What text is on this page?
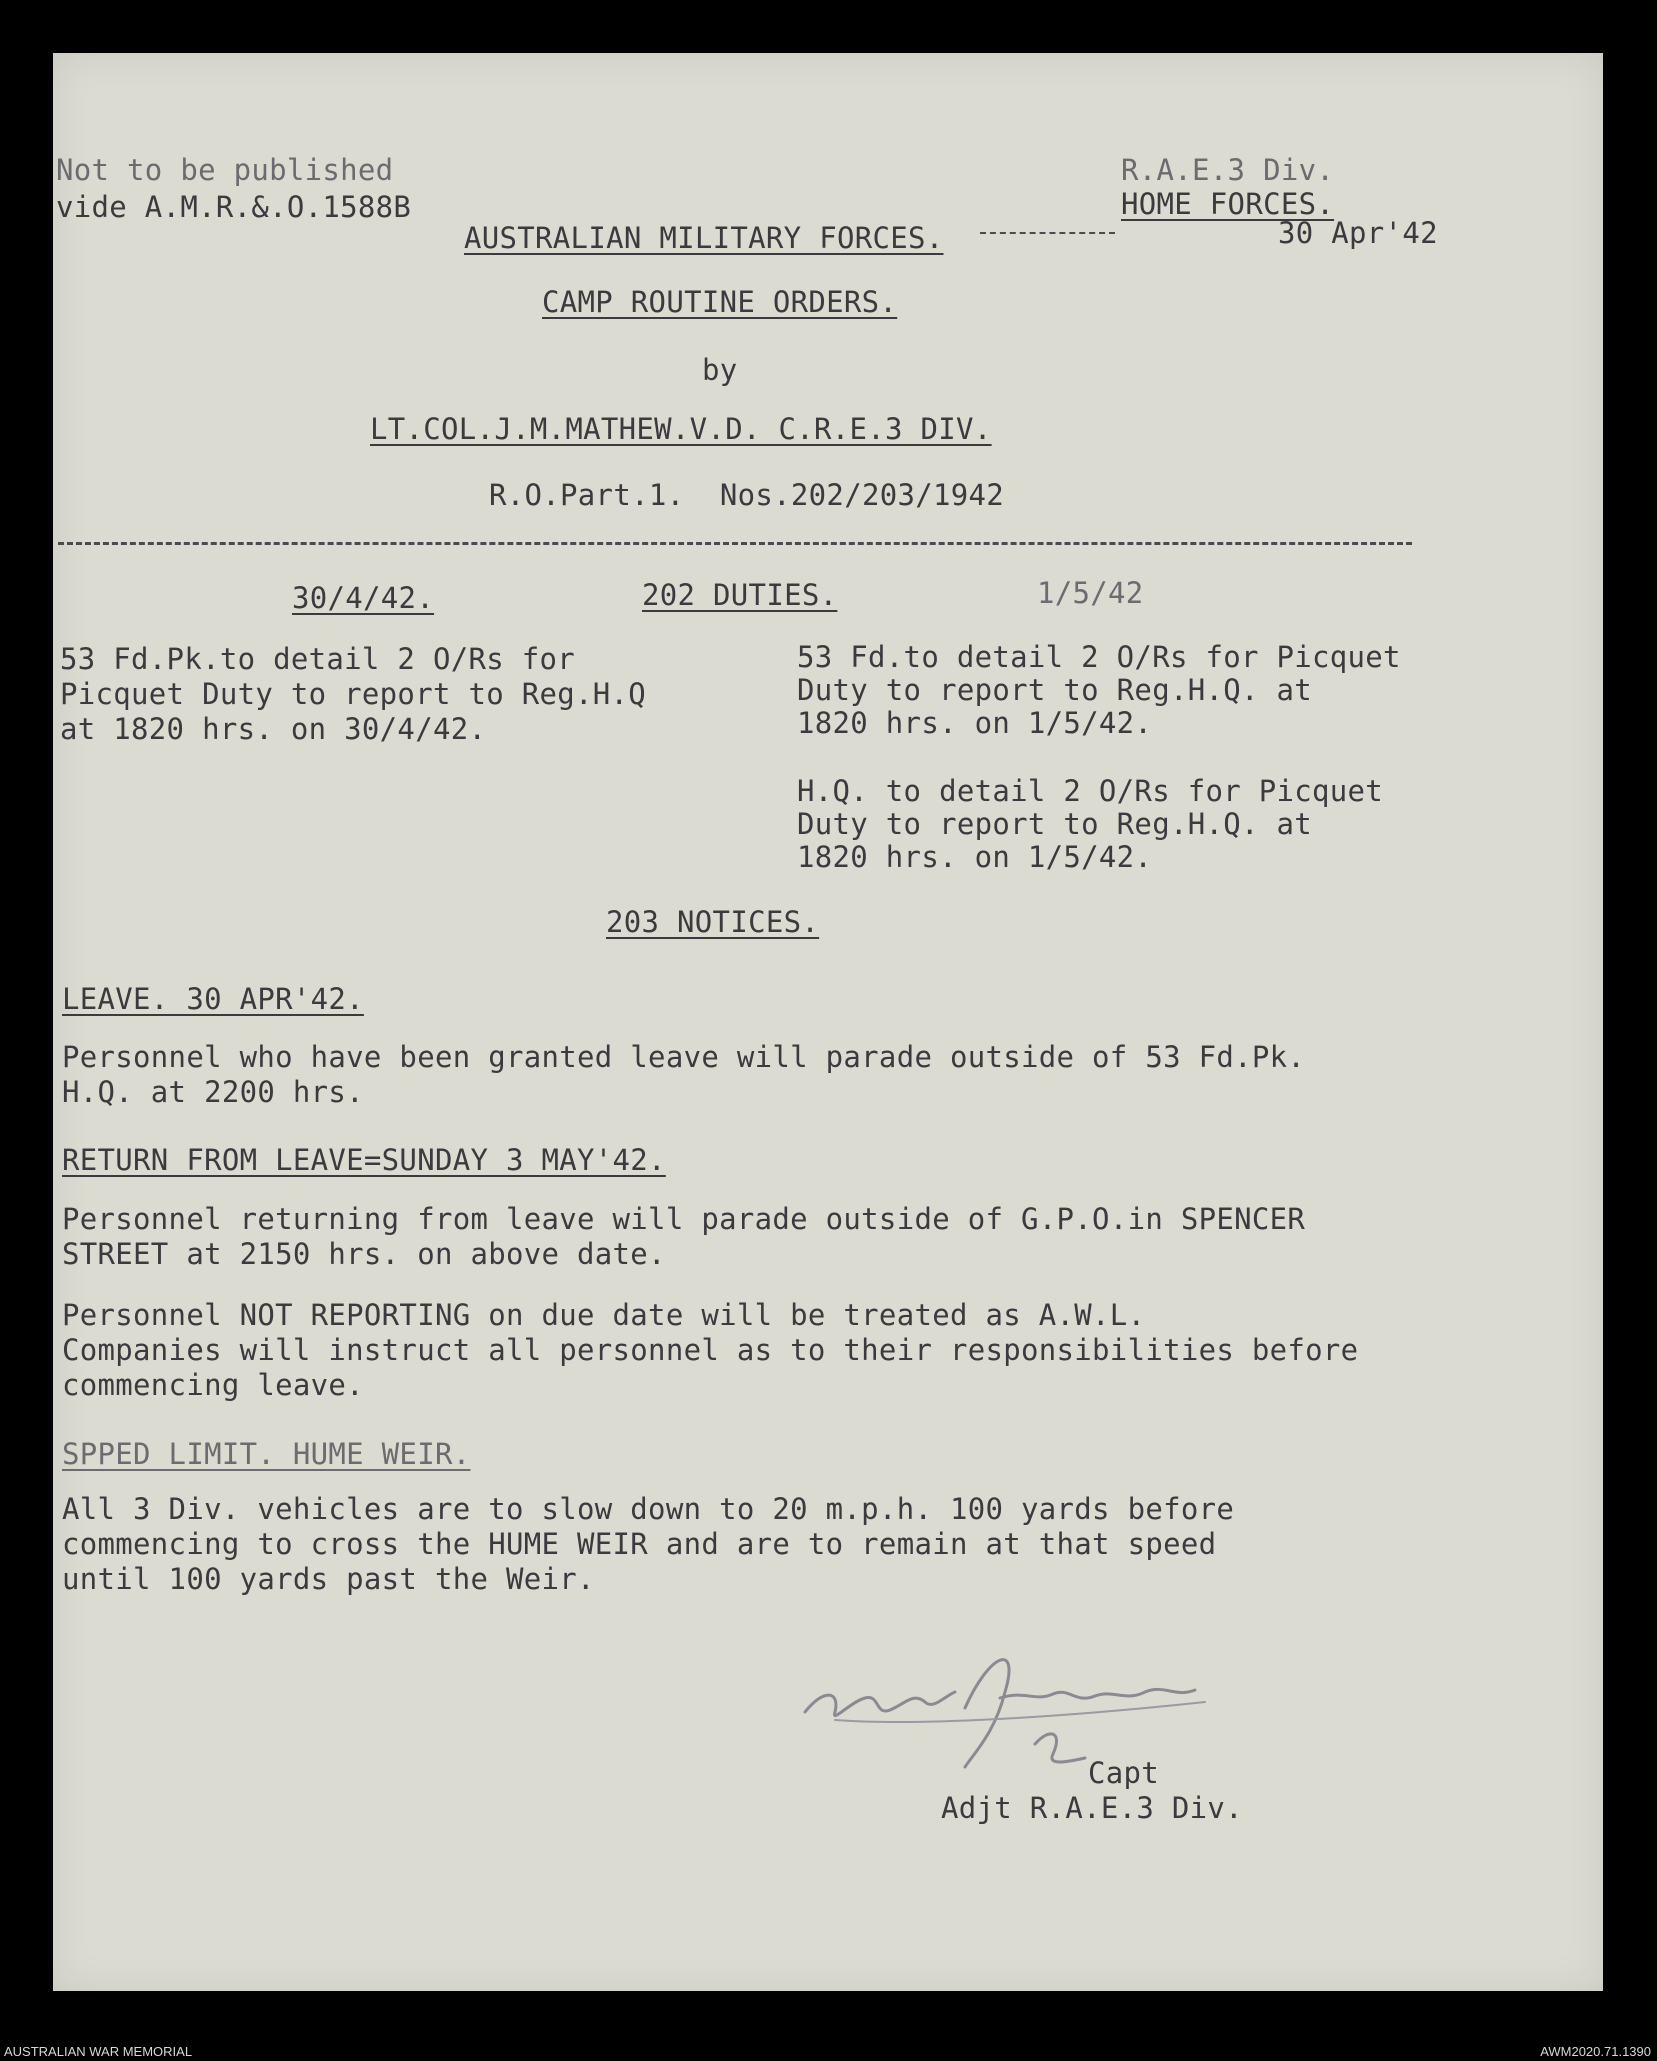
Not to be published
vide A.M.R.&.O.1588B
R.A.E.3 Div.
HOME FORCES.
30 Apr'42
AUSTRALIAN MILITARY FORCES.
CAMP ROUTINE ORDERS.
by
LT.COL.J.M.MATHEW.V.D. C.R.E.3 DIV.
R.O.Part.1.  Nos.202/203/1942
30/4/42.	202 DUTIES.	1/5/42
53 Fd.Pk.to detail 2 O/Rs for
Picquet Duty to report to Reg.H.Q
at 1820 hrs. on 30/4/42.
53 Fd.to detail 2 O/Rs for Picquet
Duty to report to Reg.H.Q. at
1820 hrs. on 1/5/42.
H.Q. to detail 2 O/Rs for Picquet
Duty to report to Reg.H.Q. at
1820 hrs. on 1/5/42.
203 NOTICES.
LEAVE. 30 APR'42.
Personnel who have been granted leave will parade outside of 53 Fd.Pk.
H.Q. at 2200 hrs.
RETURN FROM LEAVE=SUNDAY 3 MAY'42.
Personnel returning from leave will parade outside of G.P.O.in SPENCER
STREET at 2150 hrs. on above date.
Personnel NOT REPORTING on due date will be treated as A.W.L.
Companies will instruct all personnel as to their responsibilities before
commencing leave.
SPPED LIMIT. HUME WEIR.
All 3 Div. vehicles are to slow down to 20 m.p.h. 100 yards before
commencing to cross the HUME WEIR and are to remain at that speed
until 100 yards past the Weir.
Capt
Adjt R.A.E.3 Div.
AUSTRALIAN WAR MEMORIAL	AWM2020.71.1390
